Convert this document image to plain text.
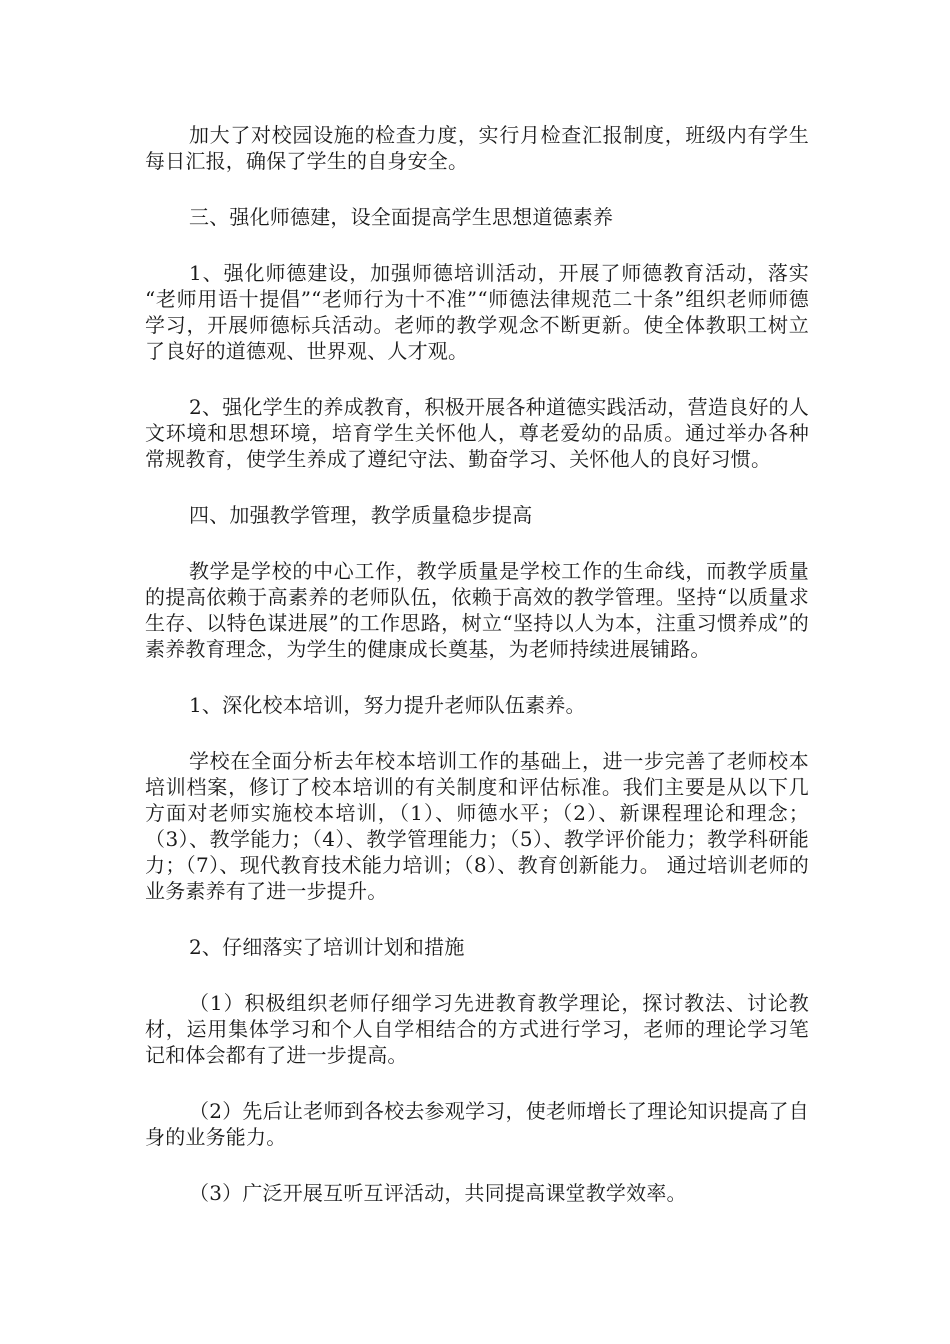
加大了对校园设施的检查力度，实行月检查汇报制度，班级内有学生每日汇报，确保了学生的自身安全。

三、强化师德建，设全面提高学生思想道德素养

1、强化师德建设，加强师德培训活动，开展了师德教育活动，落实 “老师用语十提倡”“老师行为十不准”“师德法律规范二十条”组织老师师德学习，开展师德标兵活动。老师的教学观念不断更新。使全体教职工树立了良好的道德观、世界观、人才观。

2、强化学生的养成教育，积极开展各种道德实践活动，营造良好的人文环境和思想环境，培育学生关怀他人，尊老爱幼的品质。通过举办各种常规教育，使学生养成了遵纪守法、勤奋学习、关怀他人的良好习惯。

四、加强教学管理，教学质量稳步提高

教学是学校的中心工作，教学质量是学校工作的生命线，而教学质量的提高依赖于高素养的老师队伍，依赖于高效的教学管理。坚持“以质量求生存、以特色谋进展”的工作思路，树立“坚持以人为本，注重习惯养成”的素养教育理念，为学生的健康成长奠基，为老师持续进展铺路。

1、深化校本培训，努力提升老师队伍素养。

学校在全面分析去年校本培训工作的基础上，进一步完善了老师校本培训档案，修订了校本培训的有关制度和评估标准。我们主要是从以下几方面对老师实施校本培训，（1）、师德水平；（2）、新课程理论和理念；（3）、教学能力；（4）、教学管理能力；（5）、教学评价能力；教学科研能力；（7）、现代教育技术能力培训；（8）、教育创新能力。 通过培训老师的业务素养有了进一步提升。

2、仔细落实了培训计划和措施

（1）积极组织老师仔细学习先进教育教学理论，探讨教法、讨论教材，运用集体学习和个人自学相结合的方式进行学习，老师的理论学习笔记和体会都有了进一步提高。

（2）先后让老师到各校去参观学习，使老师增长了理论知识提高了自身的业务能力。

（3）广泛开展互听互评活动，共同提高课堂教学效率。
